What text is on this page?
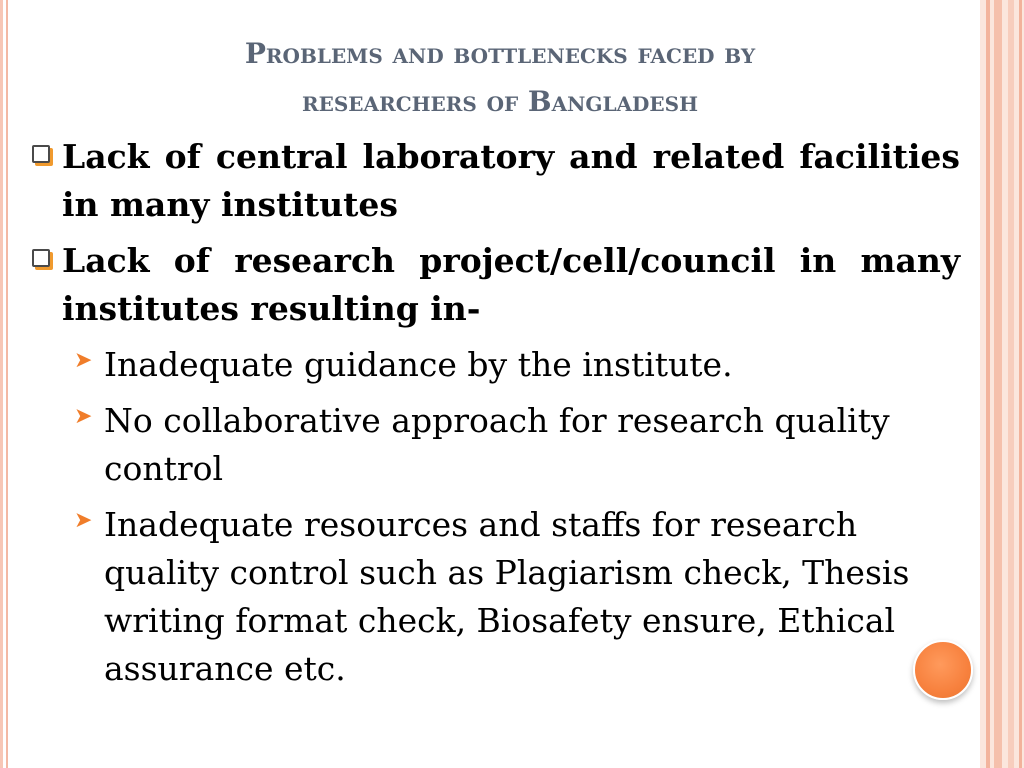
Problems and bottlenecks faced by
researchers of Bangladesh
Lack of central laboratory and related facilities in many institutes
Lack of research project/cell/council in many institutes resulting in-
➤ Inadequate guidance by the institute.
➤ No collaborative approach for research quality control
➤ Inadequate resources and staffs for research quality control such as Plagiarism check, Thesis writing format check, Biosafety ensure, Ethical assurance etc.
